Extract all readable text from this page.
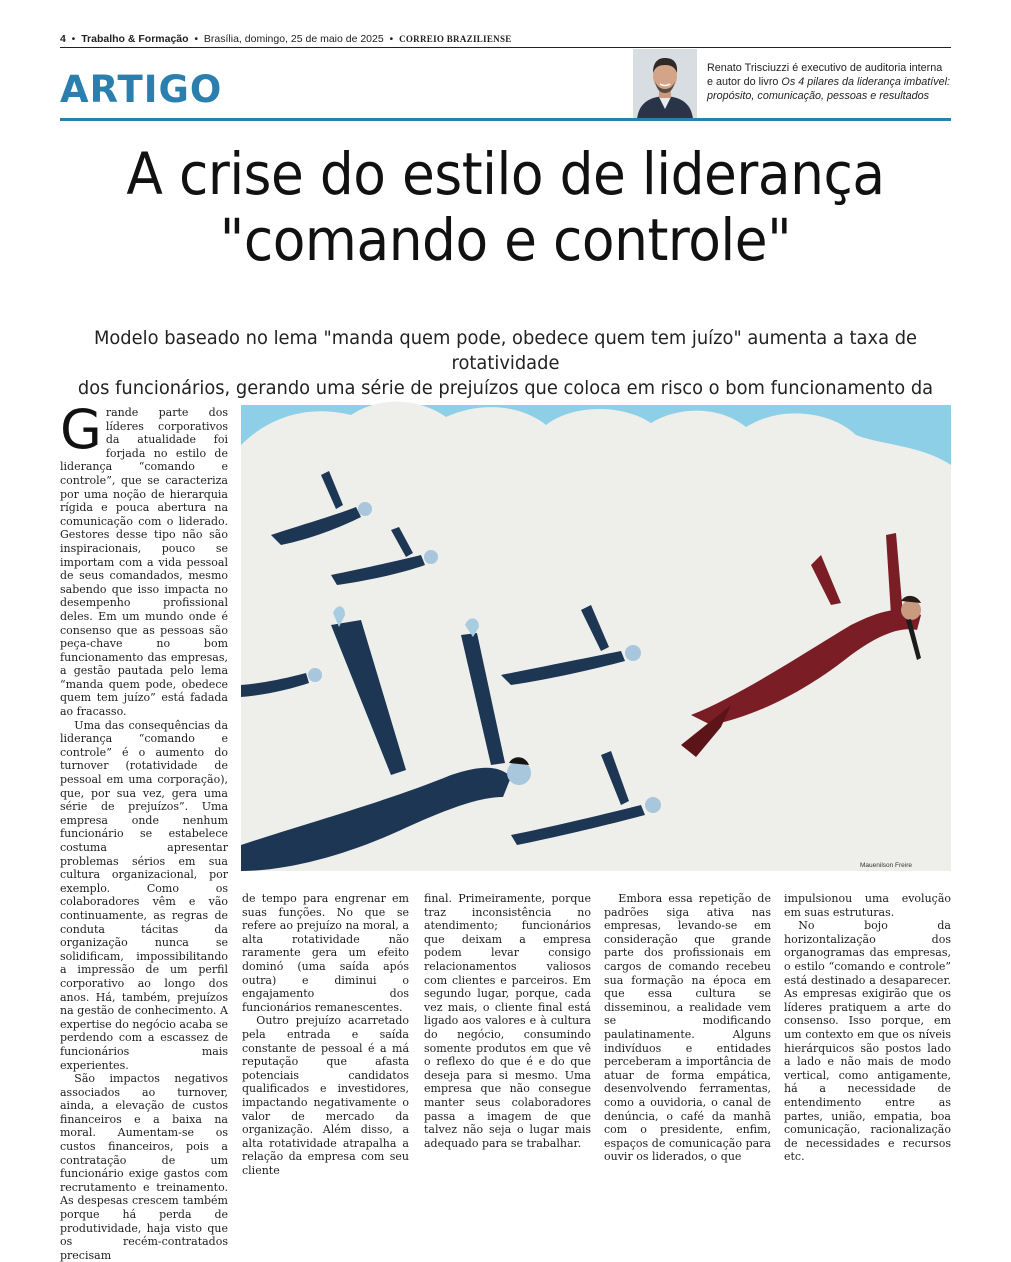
4  •  Trabalho & Formação  •  Brasília, domingo, 25 de maio de 2025  •  CORREIO BRAZILIENSE
ARTIGO	Renato Trisciuzzi é executivo de auditoria interna e autor do livro Os 4 pilares da liderança imbatível: propósito, comunicação, pessoas e resultados
A crise do estilo de liderança
"comando e controle"
Modelo baseado no lema "manda quem pode, obedece quem tem juízo" aumenta a taxa de rotatividade
dos funcionários, gerando uma série de prejuízos que coloca em risco o bom funcionamento da
G rande parte dos líderes corporativos da atualidade foi forjada no estilo de liderança “comando e controle”, que se caracteriza por uma noção de hierarquia rígida e pouca abertura na comunicação com o liderado. Gestores desse tipo não são inspiracionais, pouco se importam com a vida pessoal de seus comandados, mesmo sabendo que isso impacta no desempenho profissional deles. Em um mundo onde é consenso que as pessoas são peça-chave no bom funcionamento das empresas, a gestão pautada pelo lema “manda quem pode, obedece quem tem juízo” está fadada ao fracasso.

Uma das consequências da liderança “comando e controle” é o aumento do turnover (rotatividade de pessoal em uma corporação), que, por sua vez, gera uma série de prejuízos”. Uma empresa onde nenhum funcionário se estabelece costuma apresentar problemas sérios em sua cultura organizacional, por exemplo. Como os colaboradores vêm e vão continuamente, as regras de conduta tácitas da organização nunca se solidificam, impossibilitando a impressão de um perfil corporativo ao longo dos anos. Há, também, prejuízos na gestão de conhecimento. A expertise do negócio acaba se perdendo com a escassez de funcionários mais experientes.

São impactos negativos associados ao turnover, ainda, a elevação de custos financeiros e a baixa na moral. Aumentam-se os custos financeiros, pois a contratação de um funcionário exige gastos com recrutamento e treinamento. As despesas crescem também porque há perda de produtividade, haja visto que os recém-contratados precisam

Mauenilson Freire

de tempo para engrenar em suas funções. No que se refere ao prejuízo na moral, a alta rotatividade não raramente gera um efeito dominó (uma saída após outra) e diminui o engajamento dos funcionários remanescentes.

Outro prejuízo acarretado pela entrada e saída constante de pessoal é a má reputação que afasta potenciais candidatos qualificados e investidores, impactando negativamente o valor de mercado da organização. Além disso, a alta rotatividade atrapalha a relação da empresa com seu cliente

final. Primeiramente, porque traz inconsistência no atendimento; funcionários que deixam a empresa podem levar consigo relacionamentos valiosos com clientes e parceiros. Em segundo lugar, porque, cada vez mais, o cliente final está ligado aos valores e à cultura do negócio, consumindo somente produtos em que vê o reflexo do que é e do que deseja para si mesmo. Uma empresa que não consegue manter seus colaboradores passa a imagem de que talvez não seja o lugar mais adequado para se trabalhar.

Embora essa repetição de padrões siga ativa nas empresas, levando-se em consideração que grande parte dos profissionais em cargos de comando recebeu sua formação na época em que essa cultura se disseminou, a realidade vem se modificando paulatinamente. Alguns indivíduos e entidades perceberam a importância de atuar de forma empática, desenvolvendo ferramentas, como a ouvidoria, o canal de denúncia, o café da manhã com o presidente, enfim, espaços de comunicação para ouvir os liderados, o que

impulsionou uma evolução em suas estruturas.

No bojo da horizontalização dos organogramas das empresas, o estilo “comando e controle” está destinado a desaparecer. As empresas exigirão que os líderes pratiquem a arte do consenso. Isso porque, em um contexto em que os níveis hierárquicos são postos lado a lado e não mais de modo vertical, como antigamente, há a necessidade de entendimento entre as partes, união, empatia, boa comunicação, racionalização de necessidades e recursos etc.
